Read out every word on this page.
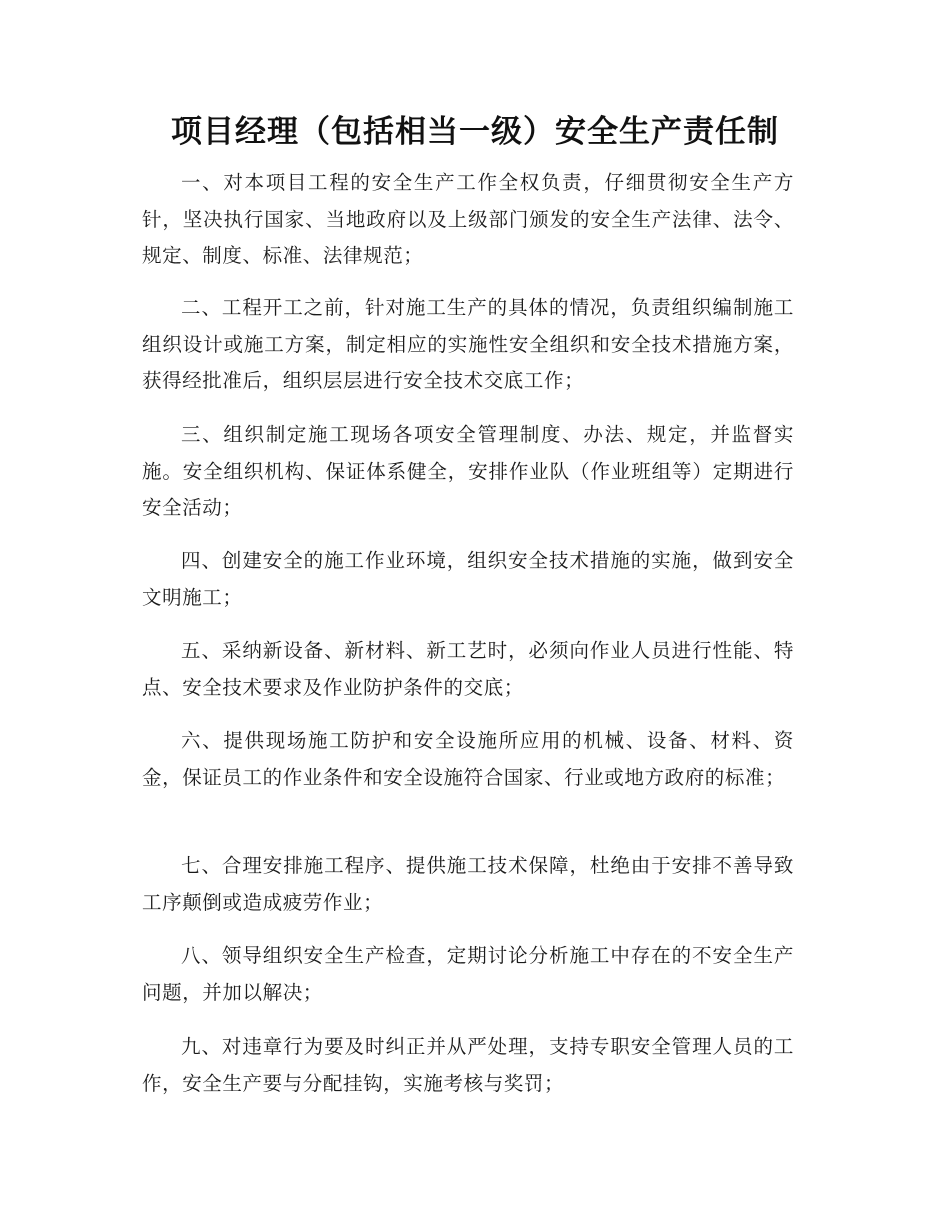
项目经理（包括相当一级）安全生产责任制

一、对本项目工程的安全生产工作全权负责，仔细贯彻安全生产方针，坚决执行国家、当地政府以及上级部门颁发的安全生产法律、法令、规定、制度、标准、法律规范；

二、工程开工之前，针对施工生产的具体的情况，负责组织编制施工组织设计或施工方案，制定相应的实施性安全组织和安全技术措施方案，获得经批准后，组织层层进行安全技术交底工作；

三、组织制定施工现场各项安全管理制度、办法、规定，并监督实施。安全组织机构、保证体系健全，安排作业队（作业班组等）定期进行安全活动；

四、创建安全的施工作业环境，组织安全技术措施的实施，做到安全文明施工；

五、采纳新设备、新材料、新工艺时，必须向作业人员进行性能、特点、安全技术要求及作业防护条件的交底；

六、提供现场施工防护和安全设施所应用的机械、设备、材料、资金，保证员工的作业条件和安全设施符合国家、行业或地方政府的标准；

七、合理安排施工程序、提供施工技术保障，杜绝由于安排不善导致工序颠倒或造成疲劳作业；

八、领导组织安全生产检查，定期讨论分析施工中存在的不安全生产问题，并加以解决；

九、对违章行为要及时纠正并从严处理，支持专职安全管理人员的工作，安全生产要与分配挂钩，实施考核与奖罚；
